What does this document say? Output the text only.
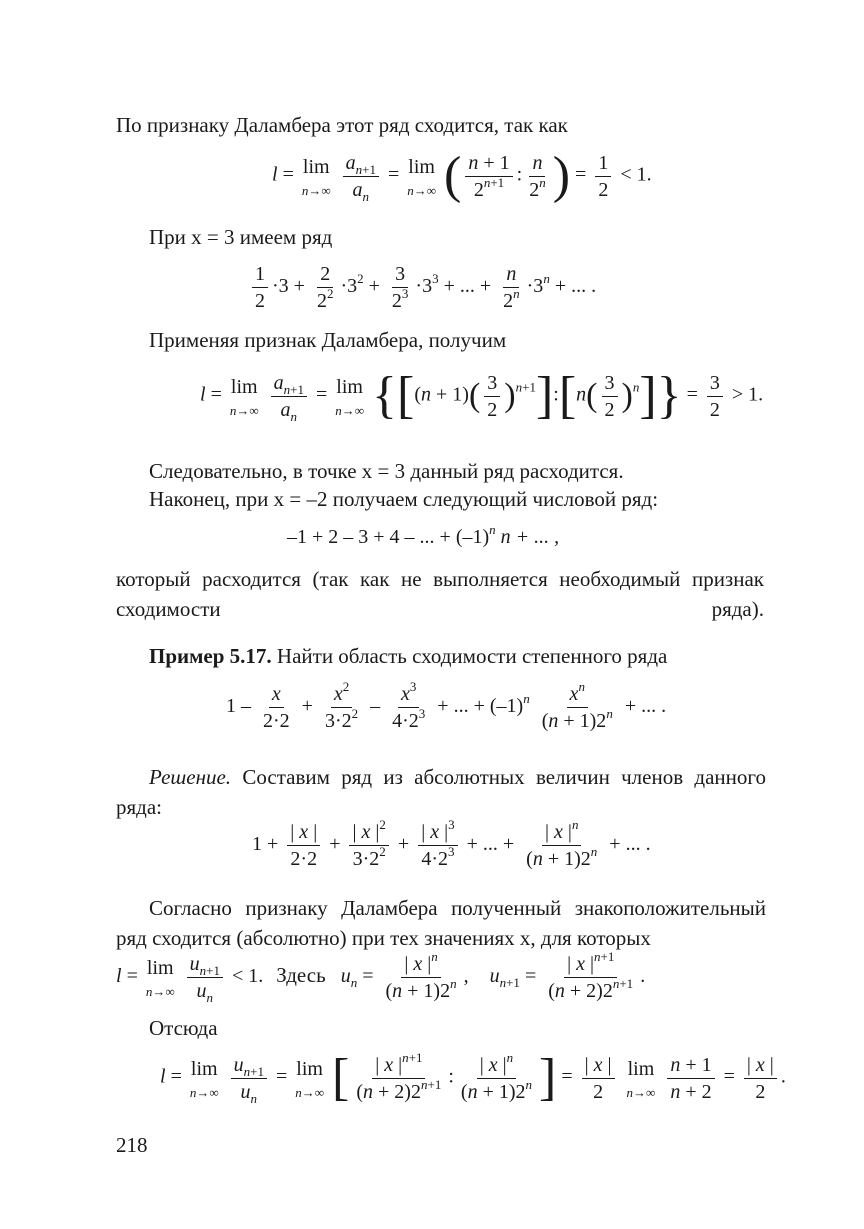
По признаку Даламбера этот ряд сходится, так как

l = lim
n→∞
$\frac{a_{n+1}}{a_n} = \lim$
n→∞ ( $\frac{n + 1}{2^{n+1}}$ : $\frac{n}{2^n}$ ) = $\frac{1}{2} < 1$.

При x = 3 имеем ряд

$\frac{1}{2} \cdot 3 + \frac{2}{2^2} \cdot 3^2 + \frac{3}{2^3} \cdot 3^3$ + ... + $\frac{n}{2^n} \cdot 3^n$ + ... .

Применяя признак Даламбера, получим

l = lim
n→∞
$\frac{a_{n+1}}{a_n} = \lim$
n→∞ {[$(n + 1)( \frac{3}{2}$ )$^{n+1}]:[n( \frac{3}{2} )^n]\} = \frac{3}{2} > 1$.

Следовательно, в точке x = 3 данный ряд расходится.

Наконец, при x = –2 получаем следующий числовой ряд:

–1 + 2 – 3 + 4 – ... + $(-1)^n$ n + ... ,

который расходится (так как не выполняется необходимый признак сходимости ряда).

Пример 5.17. Найти область сходимости степенного ряда

$1 - \frac{x}{2\cdot 2} + \frac{x^2}{3\cdot 2^2} - \frac{x^3}{4\cdot 2^3}$ + ... + $(-1)^n \frac{x^n}{(n + 1)2^n}$ + ... .

Решение. Составим ряд из абсолютных величин членов данного ряда:

$1 + \frac{| x |}{2\cdot 2} + \frac{| x |^2}{3\cdot 2^2} + \frac{| x |^3}{4\cdot 2^3}$ + ... + $\frac{| x |^n}{(n + 1)2^n}$ + ... .

Согласно признаку Даламбера полученный знакоположительный ряд сходится (абсолютно) при тех значениях x, для которых

l = lim
n→∞
$\frac{u_{n+1}}{u_n} < 1$. Здесь $u_n = \frac{| x |^n}{(n + 1)2^n}$ , $u_{n+1} = \frac{| x |^{n+1}}{(n + 2)2^{n+1}}$ .

Отсюда

l = lim
n→∞
$\frac{u_{n+1}}{u_n} = \lim$
n→∞ [ $\frac{| x |^{n+1}}{(n + 2)2^{n+1}}$ : $\frac{| x |^n}{(n + 1)2^n}$ ] = $\frac{| x |}{2}$
lim
n→∞
$\frac{n + 1}{n + 2} = \frac{| x |}{2}$ .
218
